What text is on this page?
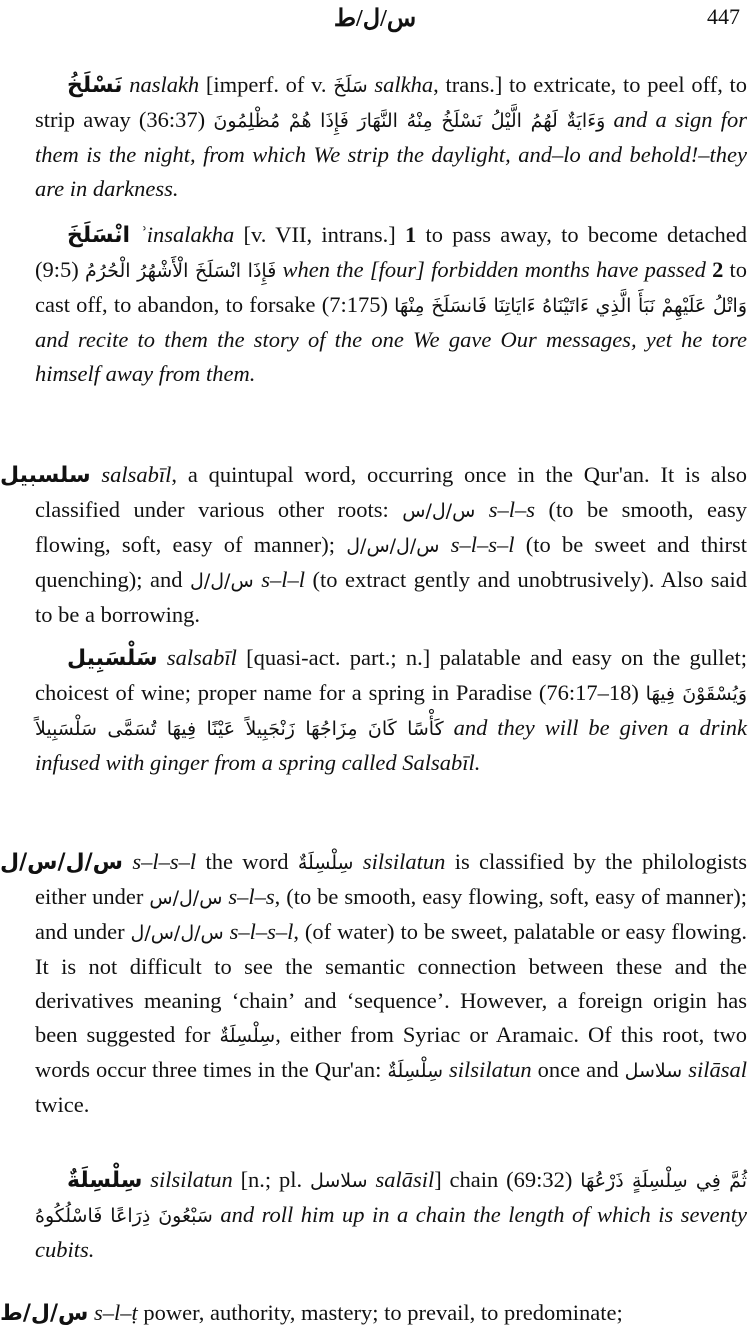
س/ل/ط	447
نَسْلَخُ naslakh [imperf. of v. سَلَخَ salkha, trans.] to extricate, to peel off, to strip away (36:37) وَءَايَةٌ لَهُمُ الَّيْلُ نَسْلَخُ مِنْهُ النَّهَارَ فَإِذَا هُمْ مُظْلِمُونَ and a sign for them is the night, from which We strip the daylight, and–lo and behold!–they are in darkness.
انْسَلَخَ ʾinsalakha [v. VII, intrans.] 1 to pass away, to become detached (9:5) فَإِذَا انْسَلَخَ الْأَشْهُرُ الْحُرُمُ when the [four] forbidden months have passed 2 to cast off, to abandon, to forsake (7:175) وَاتْلُ عَلَيْهِمْ نَبَأَ الَّذِي ءَاتَيْنَاهُ ءَايَاتِنَا فَانسَلَخَ مِنْهَا and recite to them the story of the one We gave Our messages, yet he tore himself away from them.
سلسبيل salsabīl, a quintupal word, occurring once in the Qur'an. It is also classified under various other roots: س/ل/س s–l–s (to be smooth, easy flowing, soft, easy of manner); س/ل/س/ل s–l–s–l (to be sweet and thirst quenching); and س/ل/ل s–l–l (to extract gently and unobtrusively). Also said to be a borrowing.
سَلْسَبِيل salsabīl [quasi-act. part.; n.] palatable and easy on the gullet; choicest of wine; proper name for a spring in Paradise (76:17–18) وَيُسْقَوْنَ فِيهَا كَأْسًا كَانَ مِزَاجُهَا زَنْجَبِيلاً عَيْنًا فِيهَا تُسَمَّى سَلْسَبِيلاً and they will be given a drink infused with ginger from a spring called Salsabīl.
س/ل/س/ل s–l–s–l the word سِلْسِلَةٌ silsilatun is classified by the philologists either under س/ل/س s–l–s, (to be smooth, easy flowing, soft, easy of manner); and under س/ل/س/ل s–l–s–l, (of water) to be sweet, palatable or easy flowing. It is not difficult to see the semantic connection between these and the derivatives meaning ‘chain’ and ‘sequence’. However, a foreign origin has been suggested for سِلْسِلَةٌ, either from Syriac or Aramaic. Of this root, two words occur three times in the Qur'an: سِلْسِلَةٌ silsilatun once and سلاسل silāsal twice.
سِلْسِلَةٌ silsilatun [n.; pl. سلاسل salāsil] chain (69:32) ثُمَّ فِي سِلْسِلَةٍ ذَرْعُهَا سَبْعُونَ ذِرَاعًا فَاسْلُكُوهُ and roll him up in a chain the length of which is seventy cubits.
س/ل/ط s–l–ṭ power, authority, mastery; to prevail, to predominate;
